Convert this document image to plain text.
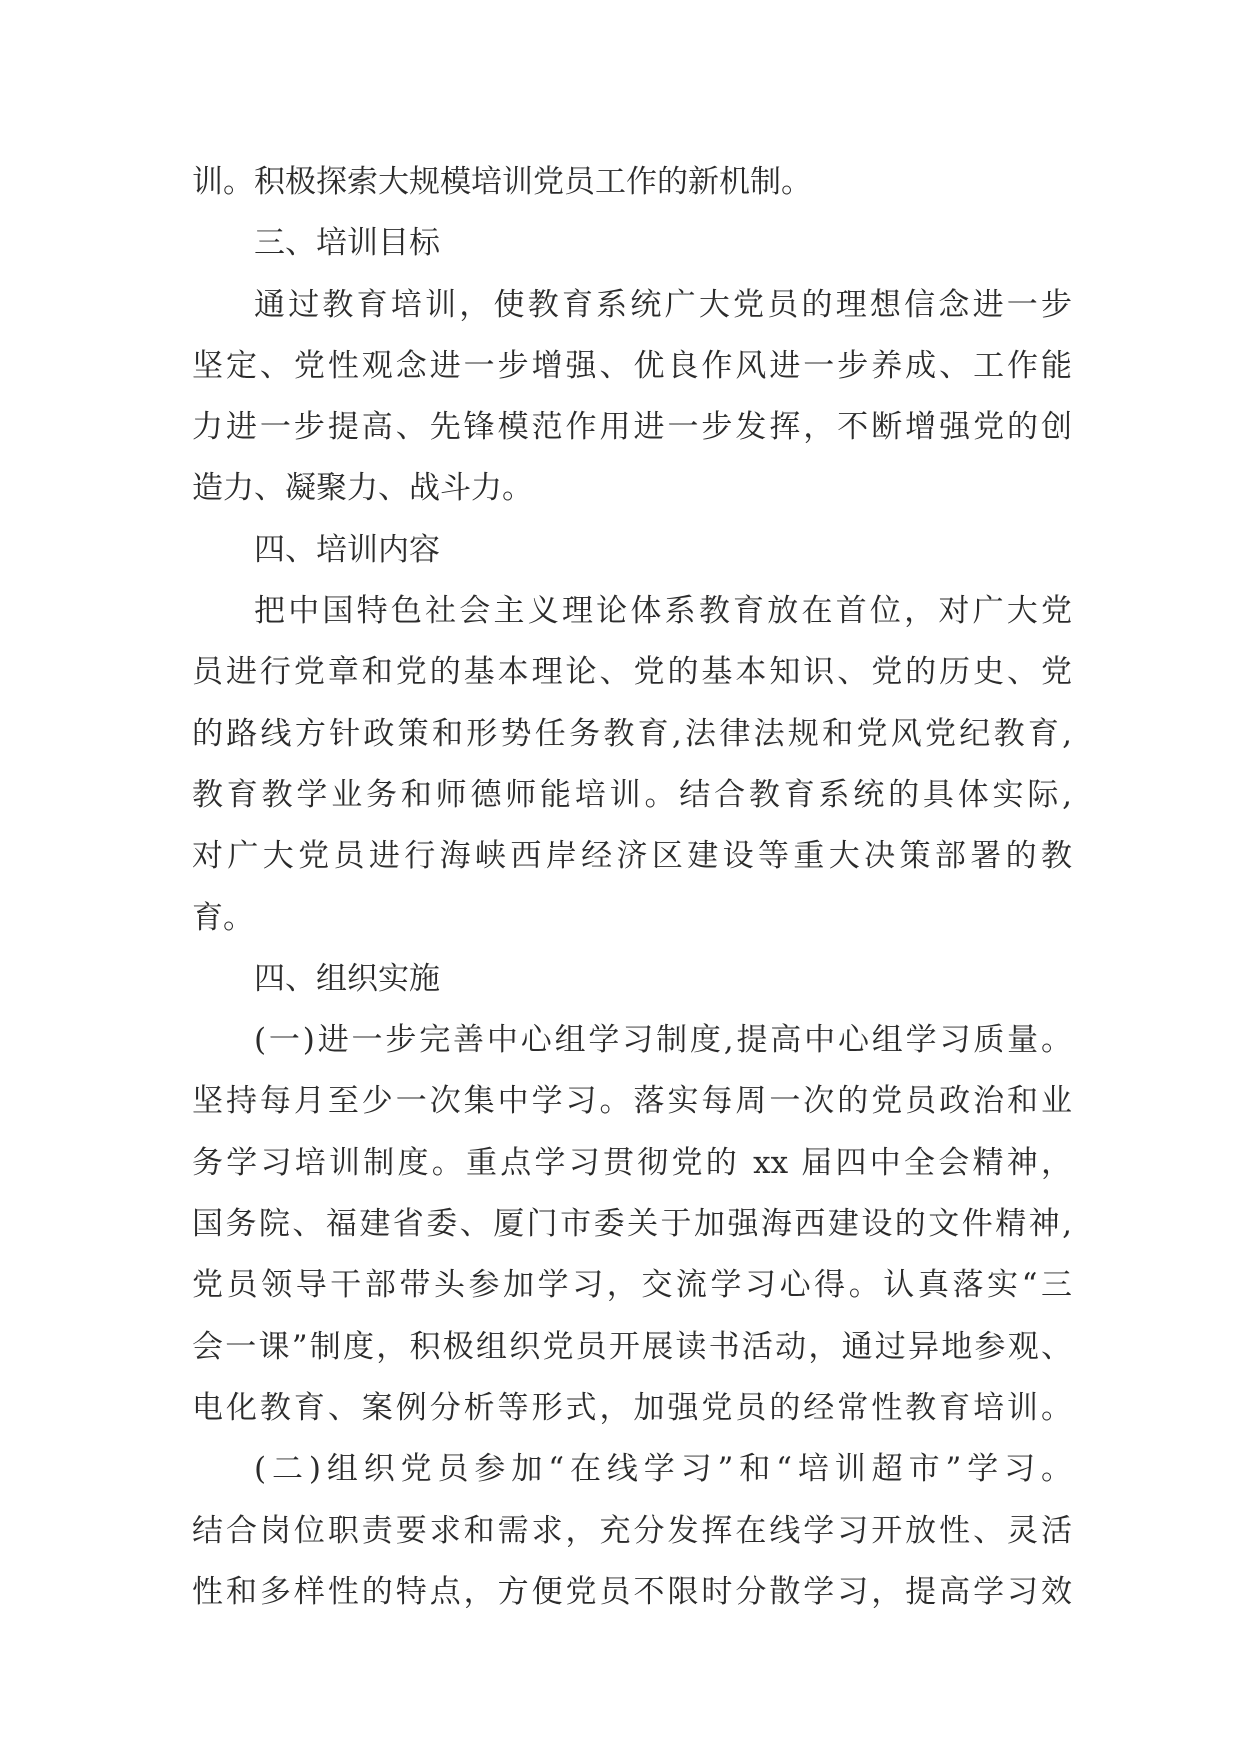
训。积极探索大规模培训党员工作的新机制。
三、培训目标
通过教育培训，使教育系统广大党员的理想信念进一步
坚定、党性观念进一步增强、优良作风进一步养成、工作能
力进一步提高、先锋模范作用进一步发挥，不断增强党的创
造力、凝聚力、战斗力。
四、培训内容
把中国特色社会主义理论体系教育放在首位，对广大党
员进行党章和党的基本理论、党的基本知识、党的历史、党
的路线方针政策和形势任务教育,法律法规和党风党纪教育,
教育教学业务和师德师能培训。结合教育系统的具体实际,
对广大党员进行海峡西岸经济区建设等重大决策部署的教
育。
四、组织实施
(一)进一步完善中心组学习制度,提高中心组学习质量。
坚持每月至少一次集中学习。落实每周一次的党员政治和业
务学习培训制度。重点学习贯彻党的 xx 届四中全会精神，
国务院、福建省委、厦门市委关于加强海西建设的文件精神,
党员领导干部带头参加学习，交流学习心得。认真落实“三
会一课”制度，积极组织党员开展读书活动，通过异地参观、
电化教育、案例分析等形式，加强党员的经常性教育培训。
(二)组织党员参加“在线学习”和“培训超市”学习。
结合岗位职责要求和需求，充分发挥在线学习开放性、灵活
性和多样性的特点，方便党员不限时分散学习，提高学习效
